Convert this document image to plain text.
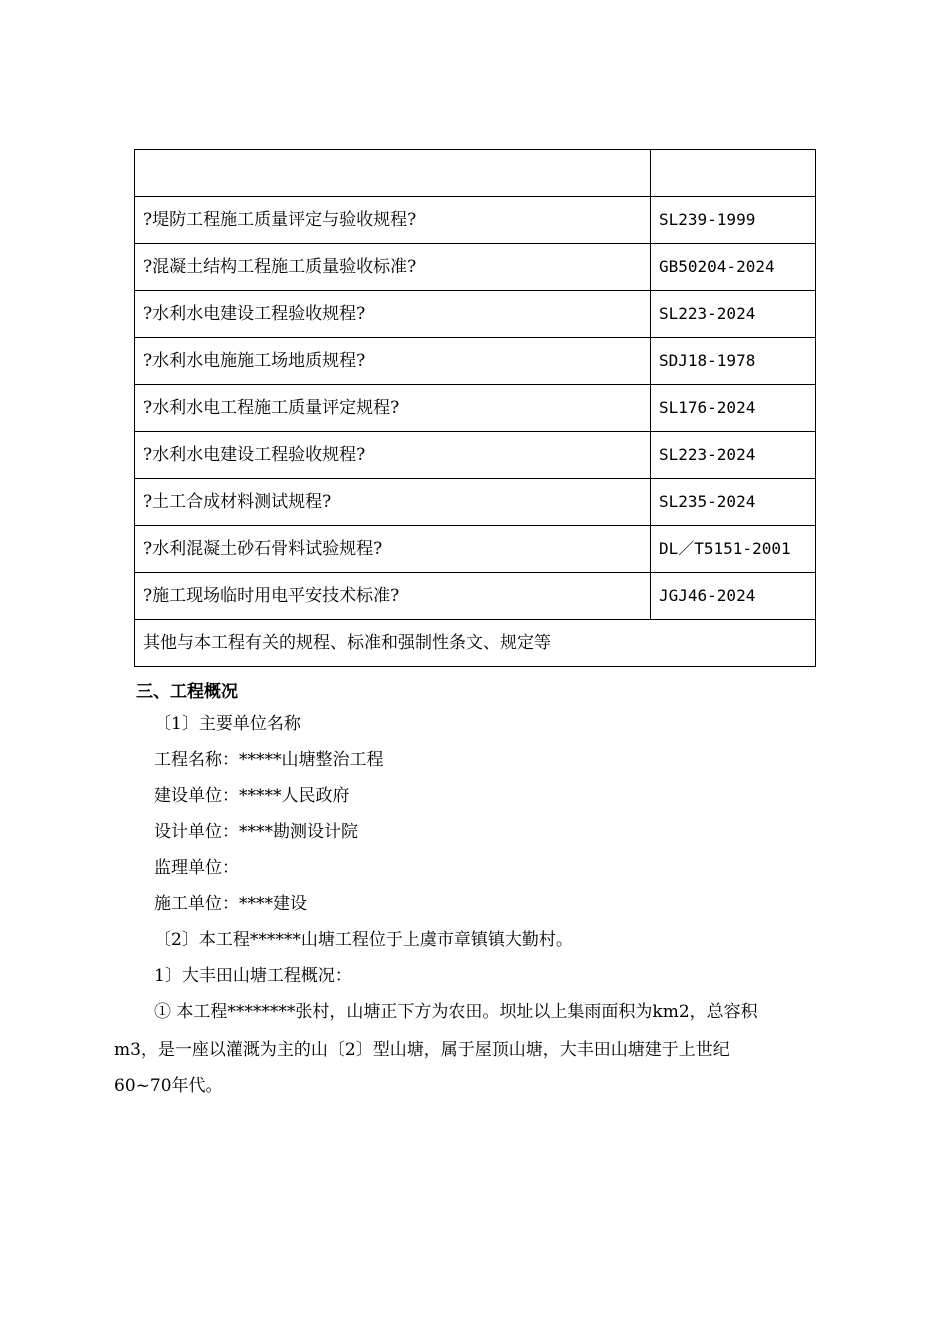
?堤防工程施工质量评定与验收规程?	SL239-1999
?混凝土结构工程施工质量验收标准?	GB50204-2024
?水利水电建设工程验收规程?	SL223-2024
?水利水电施施工场地质规程?	SDJ18-1978
?水利水电工程施工质量评定规程?	SL176-2024
?水利水电建设工程验收规程?	SL223-2024
?土工合成材料测试规程?	SL235-2024
?水利混凝土砂石骨料试验规程?	DL／T5151-2001
?施工现场临时用电平安技术标准?	JGJ46-2024
其他与本工程有关的规程、标准和强制性条文、规定等	
三、工程概况
〔1〕主要单位名称
工程名称：*****山塘整治工程
建设单位：*****人民政府
设计单位：****勘测设计院
监理单位：
施工单位：****建设
〔2〕本工程******山塘工程位于上虞市章镇镇大勤村。
1〕大丰田山塘工程概况：
① 本工程********张村，山塘正下方为农田。坝址以上集雨面积为km2，总容积
m3，是一座以灌溉为主的山〔2〕型山塘，属于屋顶山塘，大丰田山塘建于上世纪
60~70年代。
